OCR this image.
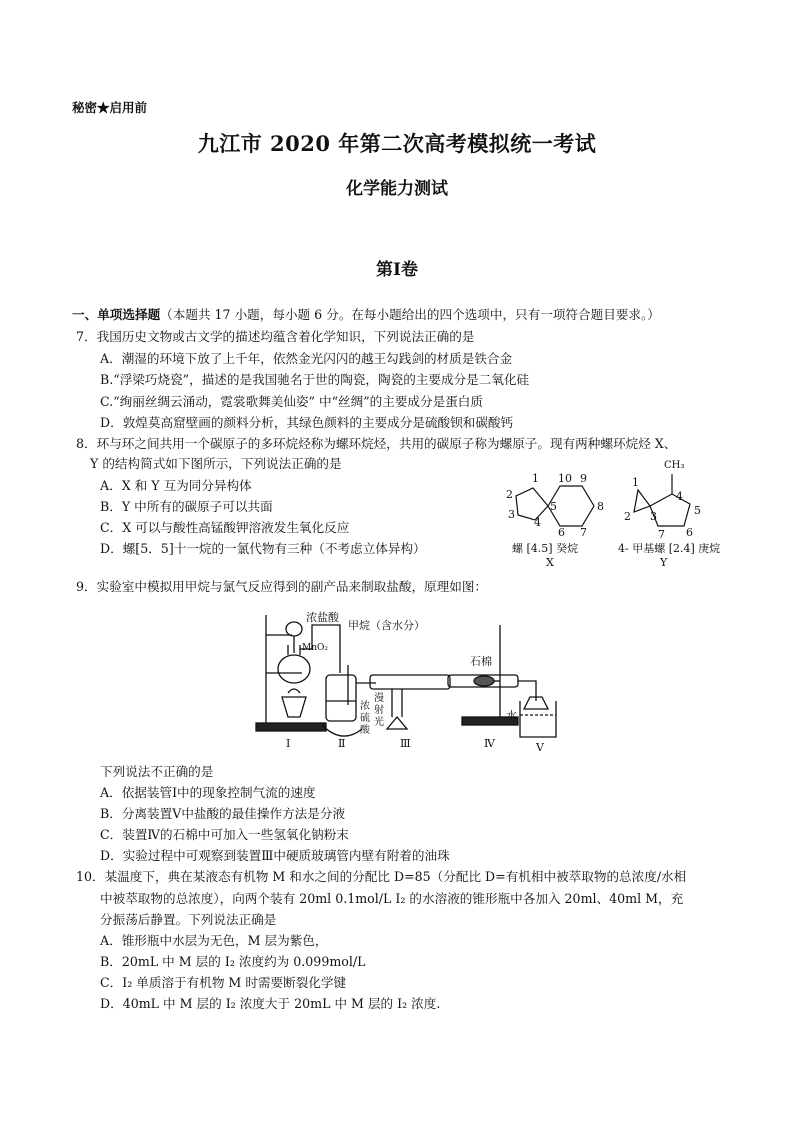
秘密★启用前
九江市 2020 年第二次高考模拟统一考试
化学能力测试
第Ⅰ卷
一、单项选择题（本题共 17 小题，每小题 6 分。在每小题给出的四个选项中，只有一项符合题目要求。）
7．我国历史文物或古文学的描述均蕴含着化学知识，下列说法正确的是
A．潮湿的环境下放了上千年，依然金光闪闪的越王勾践剑的材质是铁合金
B.“浮梁巧烧瓷”，描述的是我国驰名于世的陶瓷，陶瓷的主要成分是二氧化硅
C.“绚丽丝绸云涌动，霓裳歌舞美仙姿” 中“丝绸”的主要成分是蛋白质
D．敦煌莫高窟壁画的颜料分析，其绿色颜料的主要成分是硫酸钡和碳酸钙
8．环与环之间共用一个碳原子的多环烷烃称为螺环烷烃，共用的碳原子称为螺原子。现有两种螺环烷烃 X、
Y 的结构简式如下图所示，下列说法正确的是
A．X 和 Y 互为同分异构体
B．Y 中所有的碳原子可以共面
C．X 可以与酸性高锰酸钾溶液发生氧化反应
D．螺[5．5]十一烷的一氯代物有三种（不考虑立体异构）
1
2
3
4
5
6 7
8
9
10	1
2 3
4
5
6
7
CH₃
螺 [4.5] 癸烷
X
4- 甲基螺 [2.4] 庚烷
Y
9．实验室中模拟用甲烷与氯气反应得到的副产品来制取盐酸，原理如图：
浓盐酸
MnO₂
甲烷（含水分）
石棉
漫射光
浓硫酸
水
Ⅰ	Ⅱ	Ⅲ	Ⅳ	Ⅴ
下列说法不正确的是
A．依据装管Ⅰ中的现象控制气流的速度
B．分离装置Ⅴ中盐酸的最佳操作方法是分液
C．装置Ⅳ的石棉中可加入一些氢氧化钠粉末
D．实验过程中可观察到装置Ⅲ中硬质玻璃管内壁有附着的油珠
10．某温度下，典在某液态有机物 M 和水之间的分配比 D=85（分配比 D=有机相中被萃取物的总浓度/水相
中被萃取物的总浓度），向两个装有 20ml 0.1mol/L I₂ 的水溶液的锥形瓶中各加入 20ml、40ml M，充
分振荡后静置。下列说法正确是
A．锥形瓶中水层为无色，M 层为紫色，
B．20mL 中 M 层的 I₂ 浓度约为 0.099mol/L
C．I₂ 单质溶于有机物 M 时需要断裂化学键
D．40mL 中 M 层的 I₂ 浓度大于 20mL 中 M 层的 I₂ 浓度.
